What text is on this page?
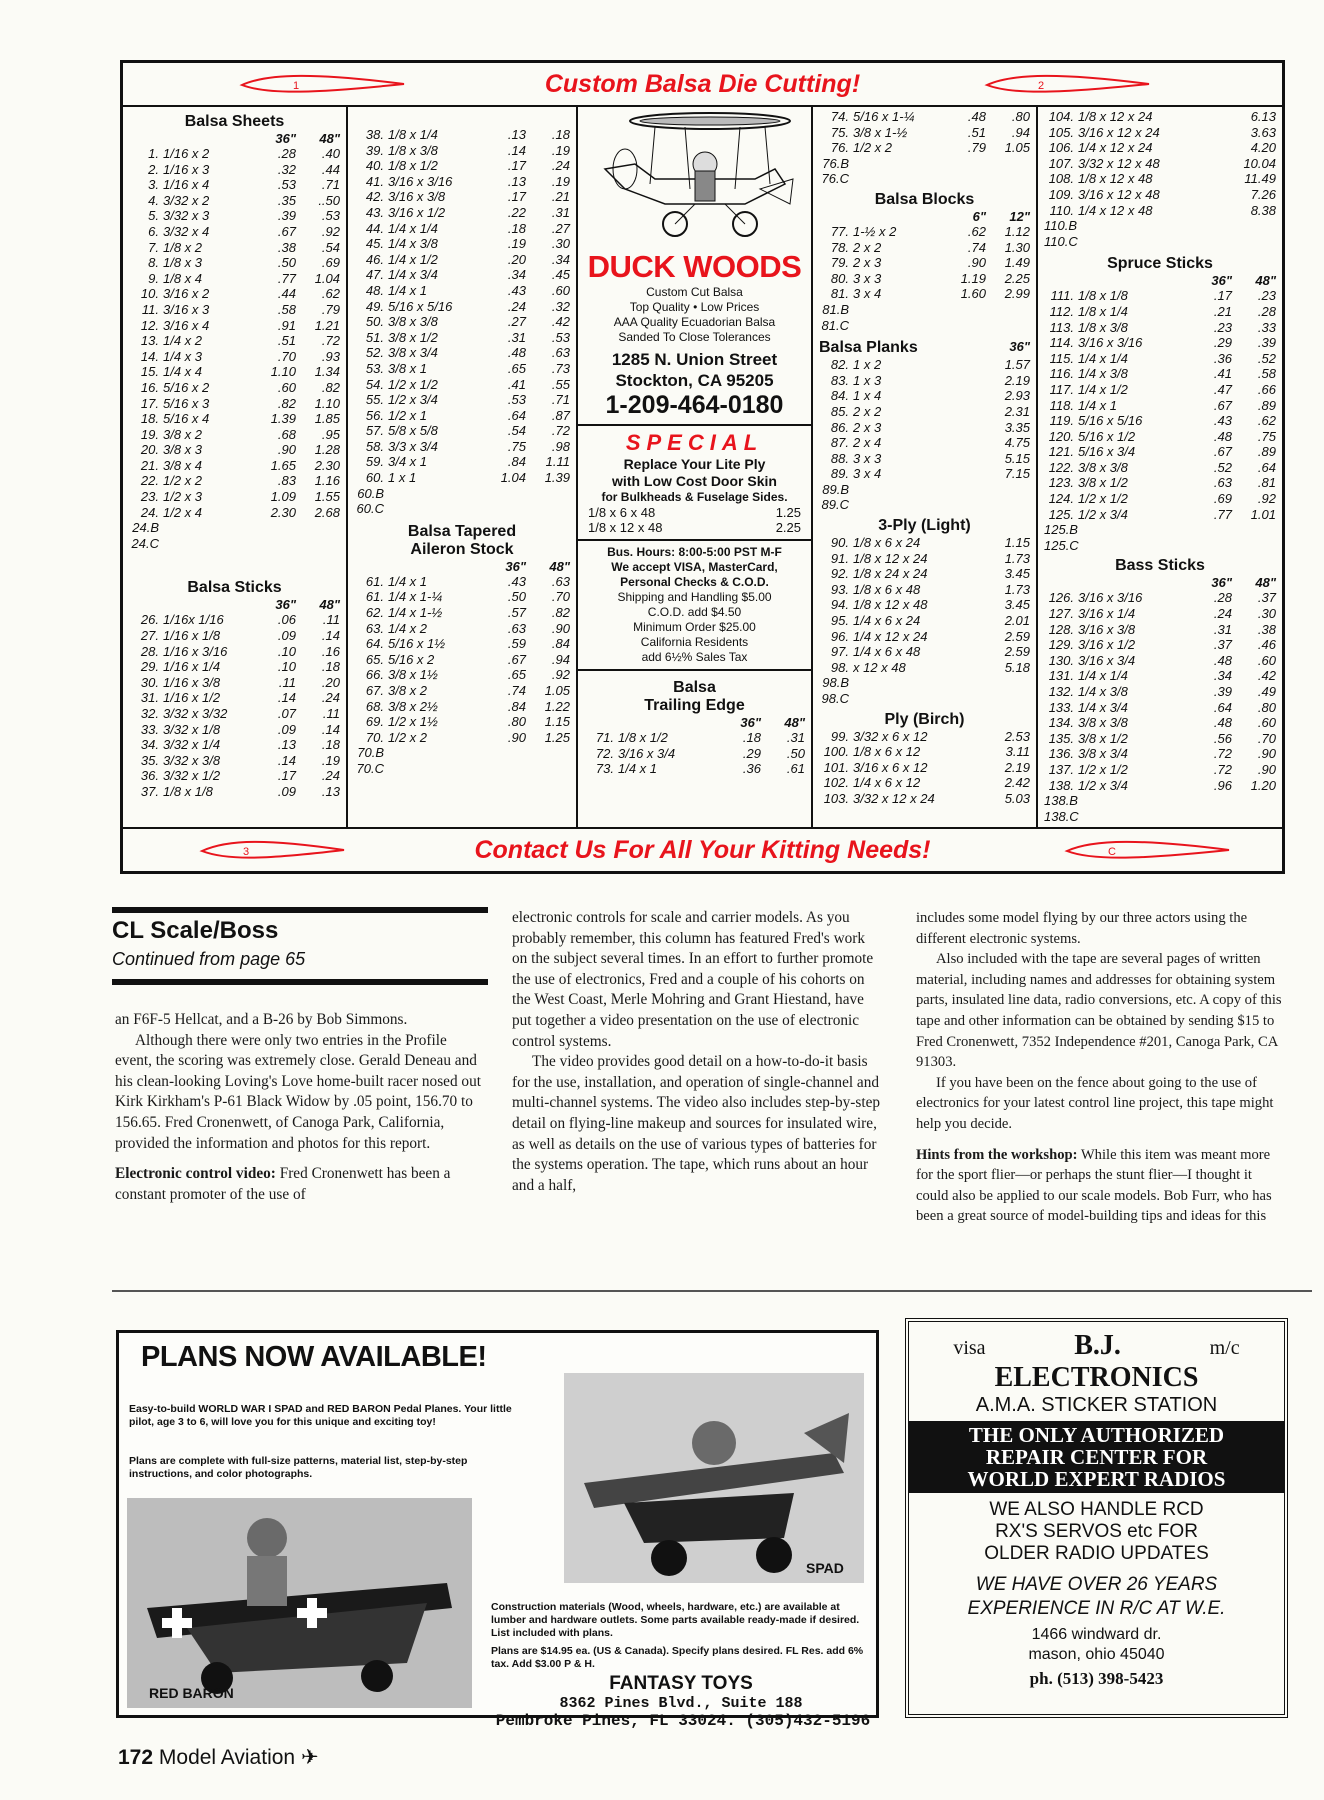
1	Custom Balsa Die Cutting!	2
Balsa Sheets
36"	48"
1. 1/16 x 2	.28	.40
2. 1/16 x 3	.32	.44
3. 1/16 x 4	.53	.71
4. 3/32 x 2	.35	..50
5. 3/32 x 3	.39	.53
6. 3/32 x 4	.67	.92
7. 1/8 x 2	.38	.54
8. 1/8 x 3	.50	.69
9. 1/8 x 4	.77	1.04
10. 3/16 x 2	.44	.62
11. 3/16 x 3	.58	.79
12. 3/16 x 4	.91	1.21
13. 1/4 x 2	.51	.72
14. 1/4 x 3	.70	.93
15. 1/4 x 4	1.10	1.34
16. 5/16 x 2	.60	.82
17. 5/16 x 3	.82	1.10
18. 5/16 x 4	1.39	1.85
19. 3/8 x 2	.68	.95
20. 3/8 x 3	.90	1.28
21. 3/8 x 4	1.65	2.30
22. 1/2 x 2	.83	1.16
23. 1/2 x 3	1.09	1.55
24. 1/2 x 4	2.30	2.68
24.B
24.C
Balsa Sticks
36"	48"
26. 1/16x 1/16	.06	.11
27. 1/16 x 1/8	.09	.14
28. 1/16 x 3/16	.10	.16
29. 1/16 x 1/4	.10	.18
30. 1/16 x 3/8	.11	.20
31. 1/16 x 1/2	.14	.24
32. 3/32 x 3/32	.07	.11
33. 3/32 x 1/8	.09	.14
34. 3/32 x 1/4	.13	.18
35. 3/32 x 3/8	.14	.19
36. 3/32 x 1/2	.17	.24
37. 1/8 x 1/8	.09	.13
38. 1/8 x 1/4	.13	.18
39. 1/8 x 3/8	.14	.19
40. 1/8 x 1/2	.17	.24
41. 3/16 x 3/16	.13	.19
42. 3/16 x 3/8	.17	.21
43. 3/16 x 1/2	.22	.31
44. 1/4 x 1/4	.18	.27
45. 1/4 x 3/8	.19	.30
46. 1/4 x 1/2	.20	.34
47. 1/4 x 3/4	.34	.45
48. 1/4 x 1	.43	.60
49. 5/16 x 5/16	.24	.32
50. 3/8 x 3/8	.27	.42
51. 3/8 x 1/2	.31	.53
52. 3/8 x 3/4	.48	.63
53. 3/8 x 1	.65	.73
54. 1/2 x 1/2	.41	.55
55. 1/2 x 3/4	.53	.71
56. 1/2 x 1	.64	.87
57. 5/8 x 5/8	.54	.72
58. 3/3 x 3/4	.75	.98
59. 3/4 x 1	.84	1.11
60. 1 x 1	1.04	1.39
60.B
60.C
Balsa Tapered
Aileron Stock
36"	48"
61. 1/4 x 1	.43	.63
61. 1/4 x 1-¼	.50	.70
62. 1/4 x 1-½	.57	.82
63. 1/4 x 2	.63	.90
64. 5/16 x 1½	.59	.84
65. 5/16 x 2	.67	.94
66. 3/8 x 1½	.65	.92
67. 3/8 x 2	.74	1.05
68. 3/8 x 2½	.84	1.22
69. 1/2 x 1½	.80	1.15
70. 1/2 x 2	.90	1.25
70.B
70.C
DUCK WOODS
Custom Cut Balsa
Top Quality • Low Prices
AAA Quality Ecuadorian Balsa
Sanded To Close Tolerances
1285 N. Union Street
Stockton, CA 95205
1-209-464-0180
SPECIAL
Replace Your Lite Ply
with Low Cost Door Skin
for Bulkheads & Fuselage Sides.
1/8 x 6 x 48	1.25
1/8 x 12 x 48	2.25
Bus. Hours: 8:00-5:00 PST M-F
We accept VISA, MasterCard,
Personal Checks & C.O.D.
Shipping and Handling $5.00
C.O.D. add $4.50
Minimum Order $25.00
California Residents
add 6½% Sales Tax
Balsa
Trailing Edge
36"	48"
71. 1/8 x 1/2	.18	.31
72. 3/16 x 3/4	.29	.50
73. 1/4 x 1	.36	.61
74. 5/16 x 1-¼	.48	.80
75. 3/8 x 1-½	.51	.94
76. 1/2 x 2	.79	1.05
76.B
76.C
Balsa Blocks
6"	12"
77. 1-½ x 2	.62	1.12
78. 2 x 2	.74	1.30
79. 2 x 3	.90	1.49
80. 3 x 3	1.19	2.25
81. 3 x 4	1.60	2.99
81.B
81.C
Balsa Planks	36"
82. 1 x 2	1.57
83. 1 x 3	2.19
84. 1 x 4	2.93
85. 2 x 2	2.31
86. 2 x 3	3.35
87. 2 x 4	4.75
88. 3 x 3	5.15
89. 3 x 4	7.15
89.B
89.C
3-Ply (Light)
90. 1/8 x 6 x 24	1.15
91. 1/8 x 12 x 24	1.73
92. 1/8 x 24 x 24	3.45
93. 1/8 x 6 x 48	1.73
94. 1/8 x 12 x 48	3.45
95. 1/4 x 6 x 24	2.01
96. 1/4 x 12 x 24	2.59
97. 1/4 x 6 x 48	2.59
98. x 12 x 48	5.18
98.B
98.C
Ply (Birch)
99. 3/32 x 6 x 12	2.53
100. 1/8 x 6 x 12	3.11
101. 3/16 x 6 x 12	2.19
102. 1/4 x 6 x 12	2.42
103. 3/32 x 12 x 24	5.03
104. 1/8 x 12 x 24	6.13
105. 3/16 x 12 x 24	3.63
106. 1/4 x 12 x 24	4.20
107. 3/32 x 12 x 48	10.04
108. 1/8 x 12 x 48	11.49
109. 3/16 x 12 x 48	7.26
110. 1/4 x 12 x 48	8.38
110.B
110.C
Spruce Sticks
36"	48"
111. 1/8 x 1/8	.17	.23
112. 1/8 x 1/4	.21	.28
113. 1/8 x 3/8	.23	.33
114. 3/16 x 3/16	.29	.39
115. 1/4 x 1/4	.36	.52
116. 1/4 x 3/8	.41	.58
117. 1/4 x 1/2	.47	.66
118. 1/4 x 1	.67	.89
119. 5/16 x 5/16	.43	.62
120. 5/16 x 1/2	.48	.75
121. 5/16 x 3/4	.67	.89
122. 3/8 x 3/8	.52	.64
123. 3/8 x 1/2	.63	.81
124. 1/2 x 1/2	.69	.92
125. 1/2 x 3/4	.77	1.01
125.B
125.C
Bass Sticks
36"	48"
126. 3/16 x 3/16	.28	.37
127. 3/16 x 1/4	.24	.30
128. 3/16 x 3/8	.31	.38
129. 3/16 x 1/2	.37	.46
130. 3/16 x 3/4	.48	.60
131. 1/4 x 1/4	.34	.42
132. 1/4 x 3/8	.39	.49
133. 1/4 x 3/4	.64	.80
134. 3/8 x 3/8	.48	.60
135. 3/8 x 1/2	.56	.70
136. 3/8 x 3/4	.72	.90
137. 1/2 x 1/2	.72	.90
138. 1/2 x 3/4	.96	1.20
138.B
138.C
3	Contact Us For All Your Kitting Needs!	C
CL Scale/Boss
Continued from page 65

an F6F-5 Hellcat, and a B-26 by Bob Simmons.

Although there were only two entries in the Profile event, the scoring was extremely close. Gerald Deneau and his clean-looking Loving's Love home-built racer nosed out Kirk Kirkham's P-61 Black Widow by .05 point, 156.70 to 156.65. Fred Cronenwett, of Canoga Park, California, provided the information and photos for this report.

Electronic control video: Fred Cronenwett has been a constant promoter of the use of

electronic controls for scale and carrier models. As you probably remember, this column has featured Fred's work on the subject several times. In an effort to further promote the use of electronics, Fred and a couple of his cohorts on the West Coast, Merle Mohring and Grant Hiestand, have put together a video presentation on the use of electronic control systems.

The video provides good detail on a how-to-do-it basis for the use, installation, and operation of single-channel and multi-channel systems. The video also includes step-by-step detail on flying-line makeup and sources for insulated wire, as well as details on the use of various types of batteries for the systems operation. The tape, which runs about an hour and a half,

includes some model flying by our three actors using the different electronic systems.

Also included with the tape are several pages of written material, including names and addresses for obtaining system parts, insulated line data, radio conversions, etc. A copy of this tape and other information can be obtained by sending $15 to Fred Cronenwett, 7352 Independence #201, Canoga Park, CA 91303.

If you have been on the fence about going to the use of electronics for your latest control line project, this tape might help you decide.

Hints from the workshop: While this item was meant more for the sport flier—or perhaps the stunt flier—I thought it could also be applied to our scale models. Bob Furr, who has been a great source of model-building tips and ideas for this

PLANS NOW AVAILABLE!
Easy-to-build WORLD WAR I SPAD and RED BARON Pedal Planes. Your little pilot, age 3 to 6, will love you for this unique and exciting toy!
Plans are complete with full-size patterns, material list, step-by-step instructions, and color photographs.
SPAD
RED BARON
Construction materials (Wood, wheels, hardware, etc.) are available at lumber and hardware outlets. Some parts available ready-made if desired. List included with plans.
Plans are $14.95 ea. (US & Canada). Specify plans desired. FL Res. add 6% tax. Add $3.00 P & H.
FANTASY TOYS
8362 Pines Blvd., Suite 188
Pembroke Pines, FL 33024. (305)432-5196
visa	B.J.	m/c
ELECTRONICS
A.M.A. STICKER STATION
THE ONLY AUTHORIZED
REPAIR CENTER FOR
WORLD EXPERT RADIOS
WE ALSO HANDLE RCD
RX'S SERVOS etc FOR
OLDER RADIO UPDATES
WE HAVE OVER 26 YEARS
EXPERIENCE IN R/C AT W.E.
1466 windward dr.
mason, ohio 45040
ph. (513) 398-5423
172 Model Aviation ✈
